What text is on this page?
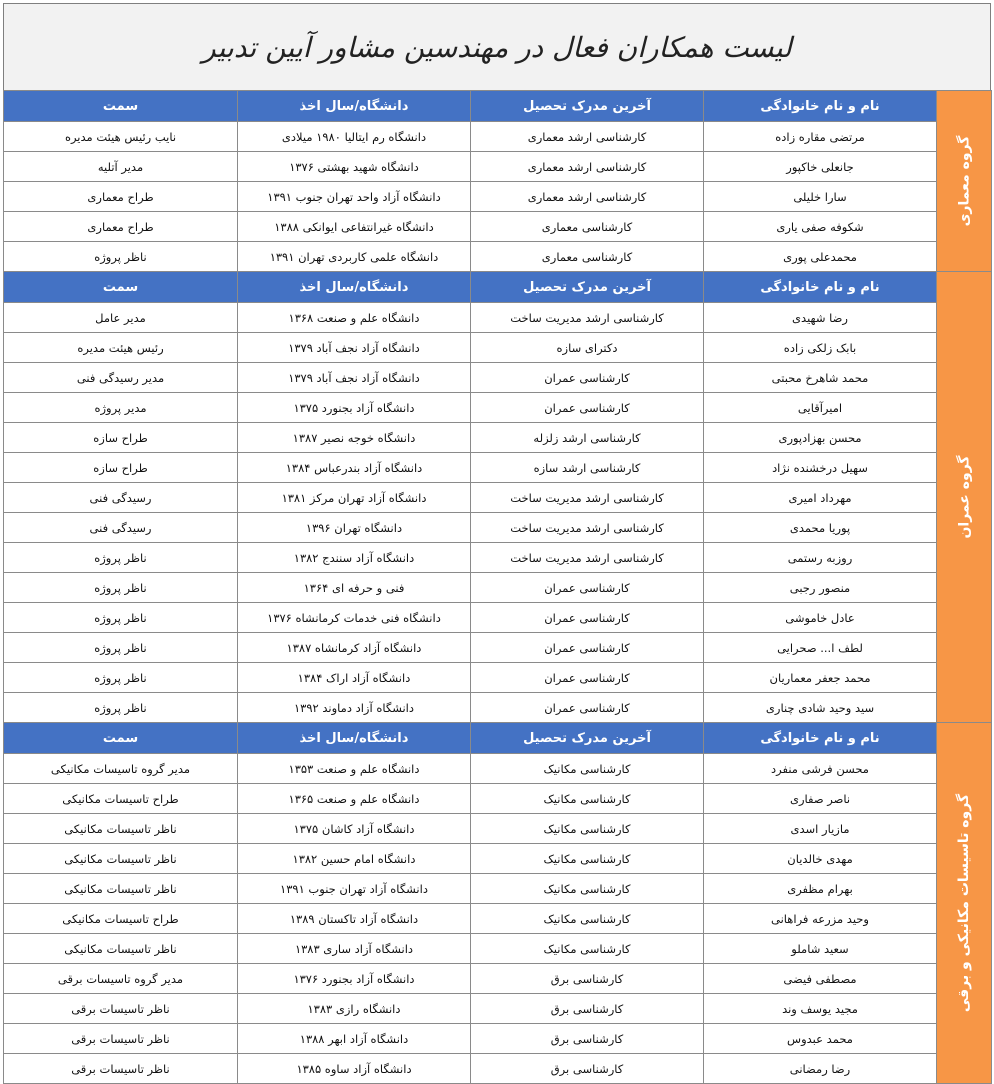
لیست همکاران فعال در مهندسین مشاور آیین تدبیر
گروه معماری	نام و نام خانوادگی	آخرین مدرک تحصیل	دانشگاه/سال اخذ	سمت
	مرتضی مقاره زاده	کارشناسی ارشد معماری	دانشگاه رم ایتالیا ۱۹۸۰ میلادی	نایب رئیس هیئت مدیره
	جانعلی خاکپور	کارشناسی ارشد معماری	دانشگاه شهید بهشتی ۱۳۷۶	مدیر آتلیه
	سارا خلیلی	کارشناسی ارشد معماری	دانشگاه آزاد واحد تهران جنوب ۱۳۹۱	طراح معماری
	شکوفه صفی یاری	کارشناسی معماری	دانشگاه غیرانتفاعی ایوانکی ۱۳۸۸	طراح معماری
	محمدعلی پوری	کارشناسی معماری	دانشگاه علمی کاربردی تهران ۱۳۹۱	ناظر پروژه

گروه عمران	نام و نام خانوادگی	آخرین مدرک تحصیل	دانشگاه/سال اخذ	سمت
	رضا شهیدی	کارشناسی ارشد مدیریت ساخت	دانشگاه علم و صنعت ۱۳۶۸	مدیر عامل
	بابک زلکی زاده	دکترای سازه	دانشگاه آزاد نجف آباد ۱۳۷۹	رئیس هیئت مدیره
	محمد شاهرخ محبتی	کارشناسی عمران	دانشگاه آزاد نجف آباد ۱۳۷۹	مدیر رسیدگی فنی
	امیرآقایی	کارشناسی عمران	دانشگاه آزاد بجنورد ۱۳۷۵	مدیر پروژه
	محسن بهزادپوری	کارشناسی ارشد زلزله	دانشگاه خوجه نصیر ۱۳۸۷	طراح سازه
	سهیل درخشنده نژاد	کارشناسی ارشد سازه	دانشگاه آزاد بندرعباس ۱۳۸۴	طراح سازه
	مهرداد امیری	کارشناسی ارشد مدیریت ساخت	دانشگاه آزاد تهران مرکز ۱۳۸۱	رسیدگی فنی
	پوریا محمدی	کارشناسی ارشد مدیریت ساخت	دانشگاه تهران ۱۳۹۶	رسیدگی فنی
	روزبه رستمی	کارشناسی ارشد مدیریت ساخت	دانشگاه آزاد سنندج ۱۳۸۲	ناظر پروژه
	منصور رجبی	کارشناسی عمران	فنی و حرفه ای ۱۳۶۴	ناظر پروژه
	عادل خاموشی	کارشناسی عمران	دانشگاه فنی خدمات کرمانشاه ۱۳۷۶	ناظر پروژه
	لطف ا... صحرایی	کارشناسی عمران	دانشگاه آزاد کرمانشاه ۱۳۸۷	ناظر پروژه
	محمد جعفر معماریان	کارشناسی عمران	دانشگاه آزاد اراک ۱۳۸۴	ناظر پروژه
	سید وحید شادی چناری	کارشناسی عمران	دانشگاه آزاد دماوند ۱۳۹۲	ناظر پروژه

گروه تاسیسات مکانیکی و برقی	نام و نام خانوادگی	آخرین مدرک تحصیل	دانشگاه/سال اخذ	سمت
	محسن فرشی منفرد	کارشناسی مکانیک	دانشگاه علم و صنعت ۱۳۵۳	مدیر گروه تاسیسات مکانیکی
	ناصر صفاری	کارشناسی مکانیک	دانشگاه علم و صنعت ۱۳۶۵	طراح تاسیسات مکانیکی
	مازیار اسدی	کارشناسی مکانیک	دانشگاه آزاد کاشان ۱۳۷۵	ناظر تاسیسات مکانیکی
	مهدی خالدیان	کارشناسی مکانیک	دانشگاه امام حسین ۱۳۸۲	ناظر تاسیسات مکانیکی
	بهرام مظفری	کارشناسی مکانیک	دانشگاه آزاد تهران جنوب ۱۳۹۱	ناظر تاسیسات مکانیکی
	وحید مزرعه فراهانی	کارشناسی مکانیک	دانشگاه آزاد تاکستان ۱۳۸۹	طراح تاسیسات مکانیکی
	سعید شاملو	کارشناسی مکانیک	دانشگاه آزاد ساری ۱۳۸۳	ناظر تاسیسات مکانیکی
	مصطفی فیضی	کارشناسی برق	دانشگاه آزاد بجنورد ۱۳۷۶	مدیر گروه تاسیسات برقی
	مجید یوسف وند	کارشناسی برق	دانشگاه رازی ۱۳۸۳	ناظر تاسیسات برقی
	محمد عبدوس	کارشناسی برق	دانشگاه آزاد ابهر ۱۳۸۸	ناظر تاسیسات برقی
	رضا رمضانی	کارشناسی برق	دانشگاه آزاد ساوه ۱۳۸۵	ناظر تاسیسات برقی
